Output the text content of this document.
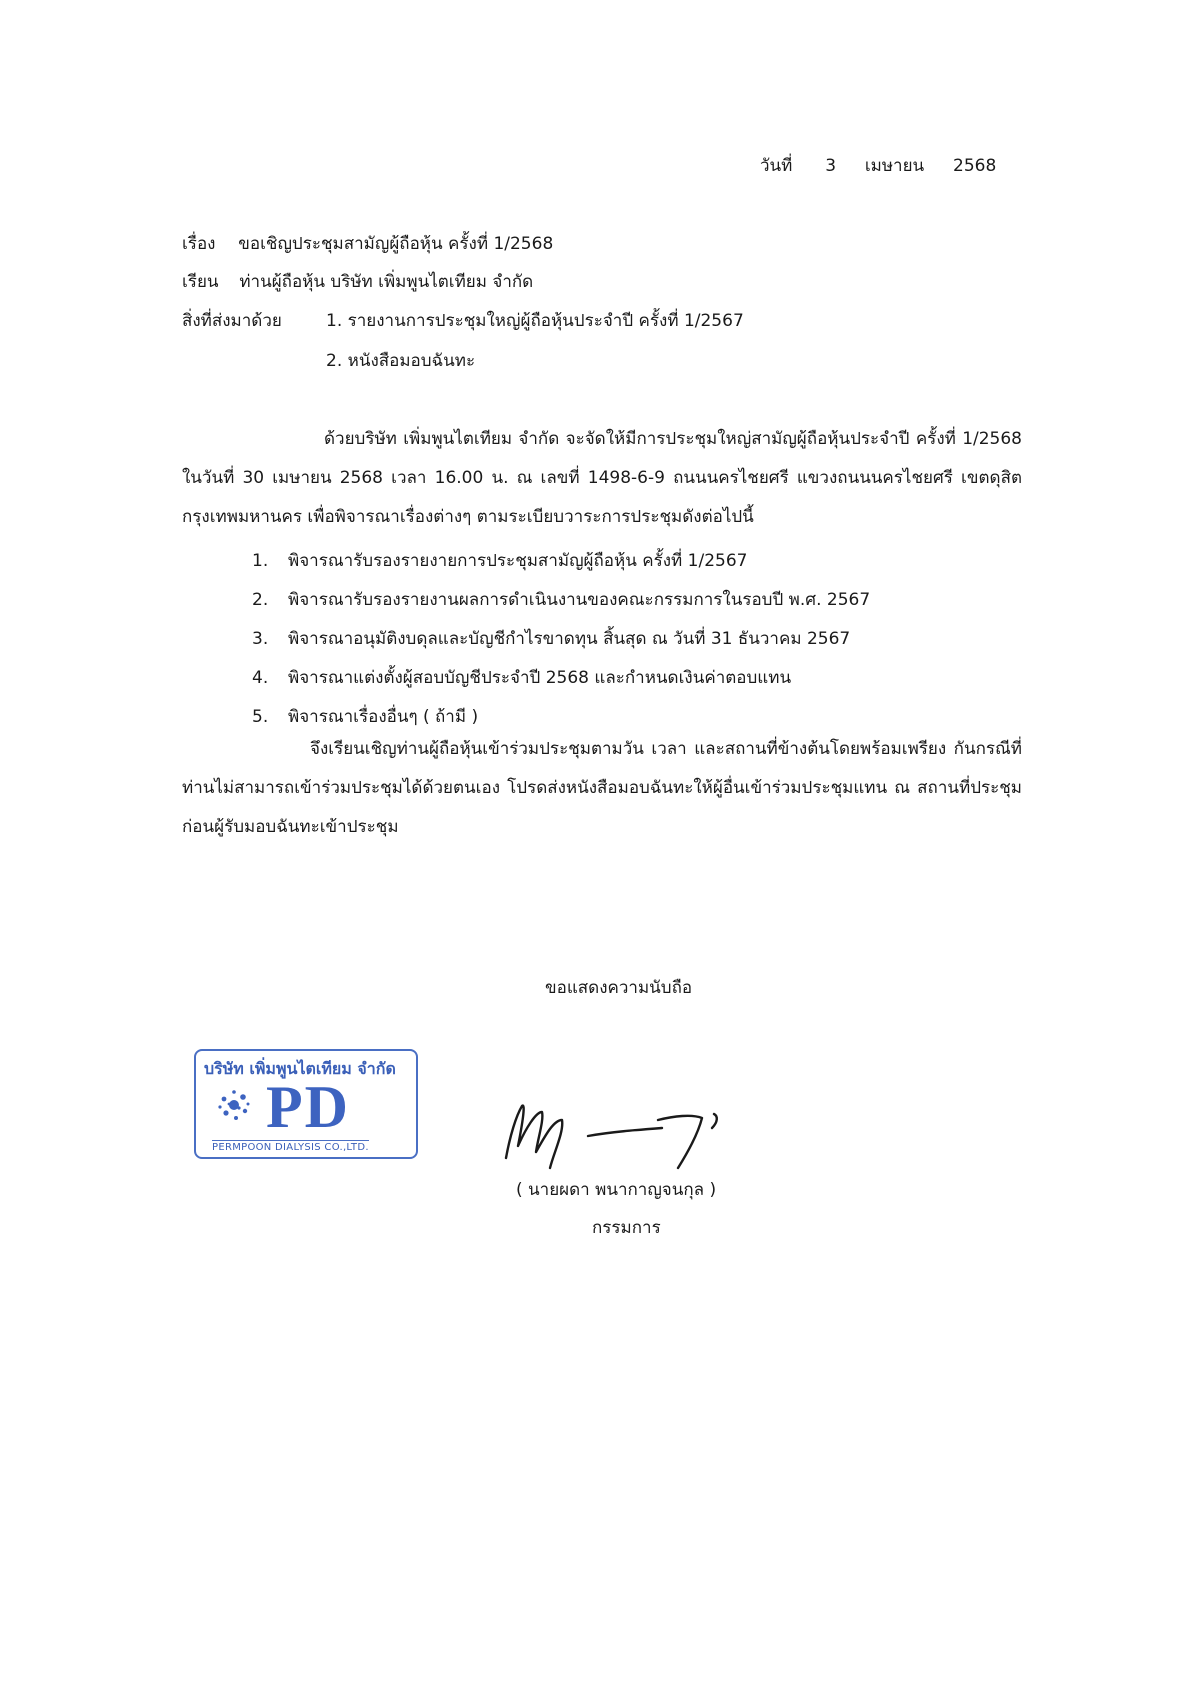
วันที่ 3 เมษายน 2568
เรื่อง ขอเชิญประชุมสามัญผู้ถือหุ้น ครั้งที่ 1/2568
เรียน ท่านผู้ถือหุ้น บริษัท เพิ่มพูนไตเทียม จำกัด
สิ่งที่ส่งมาด้วย	1. รายงานการประชุมใหญ่ผู้ถือหุ้นประจำปี ครั้งที่ 1/2567
2. หนังสือมอบฉันทะ
ด้วยบริษัท เพิ่มพูนไตเทียม จำกัด จะจัดให้มีการประชุมใหญ่สามัญผู้ถือหุ้นประจำปี ครั้งที่ 1/2568 ในวันที่ 30 เมษายน 2568 เวลา 16.00 น. ณ เลขที่ 1498-6-9 ถนนนครไชยศรี แขวงถนนนครไชยศรี เขตดุสิต กรุงเทพมหานคร เพื่อพิจารณาเรื่องต่างๆ ตามระเบียบวาระการประชุมดังต่อไปนี้
1. พิจารณารับรองรายงายการประชุมสามัญผู้ถือหุ้น ครั้งที่ 1/2567
2. พิจารณารับรองรายงานผลการดำเนินงานของคณะกรรมการในรอบปี พ.ศ. 2567
3. พิจารณาอนุมัติงบดุลและบัญชีกำไรขาดทุน สิ้นสุด ณ วันที่ 31 ธันวาคม 2567
4. พิจารณาแต่งตั้งผู้สอบบัญชีประจำปี 2568 และกำหนดเงินค่าตอบแทน
5. พิจารณาเรื่องอื่นๆ ( ถ้ามี )
จึงเรียนเชิญท่านผู้ถือหุ้นเข้าร่วมประชุมตามวัน เวลา และสถานที่ข้างต้นโดยพร้อมเพรียง กันกรณีที่ท่านไม่สามารถเข้าร่วมประชุมได้ด้วยตนเอง โปรดส่งหนังสือมอบฉันทะให้ผู้อื่นเข้าร่วมประชุมแทน ณ สถานที่ประชุมก่อนผู้รับมอบฉันทะเข้าประชุม
ขอแสดงความนับถือ
บริษัท เพิ่มพูนไตเทียม จำกัด
PD
PERMPOON DIALYSIS CO.,LTD.
( นายผดา พนากาญจนกุล )
กรรมการ
